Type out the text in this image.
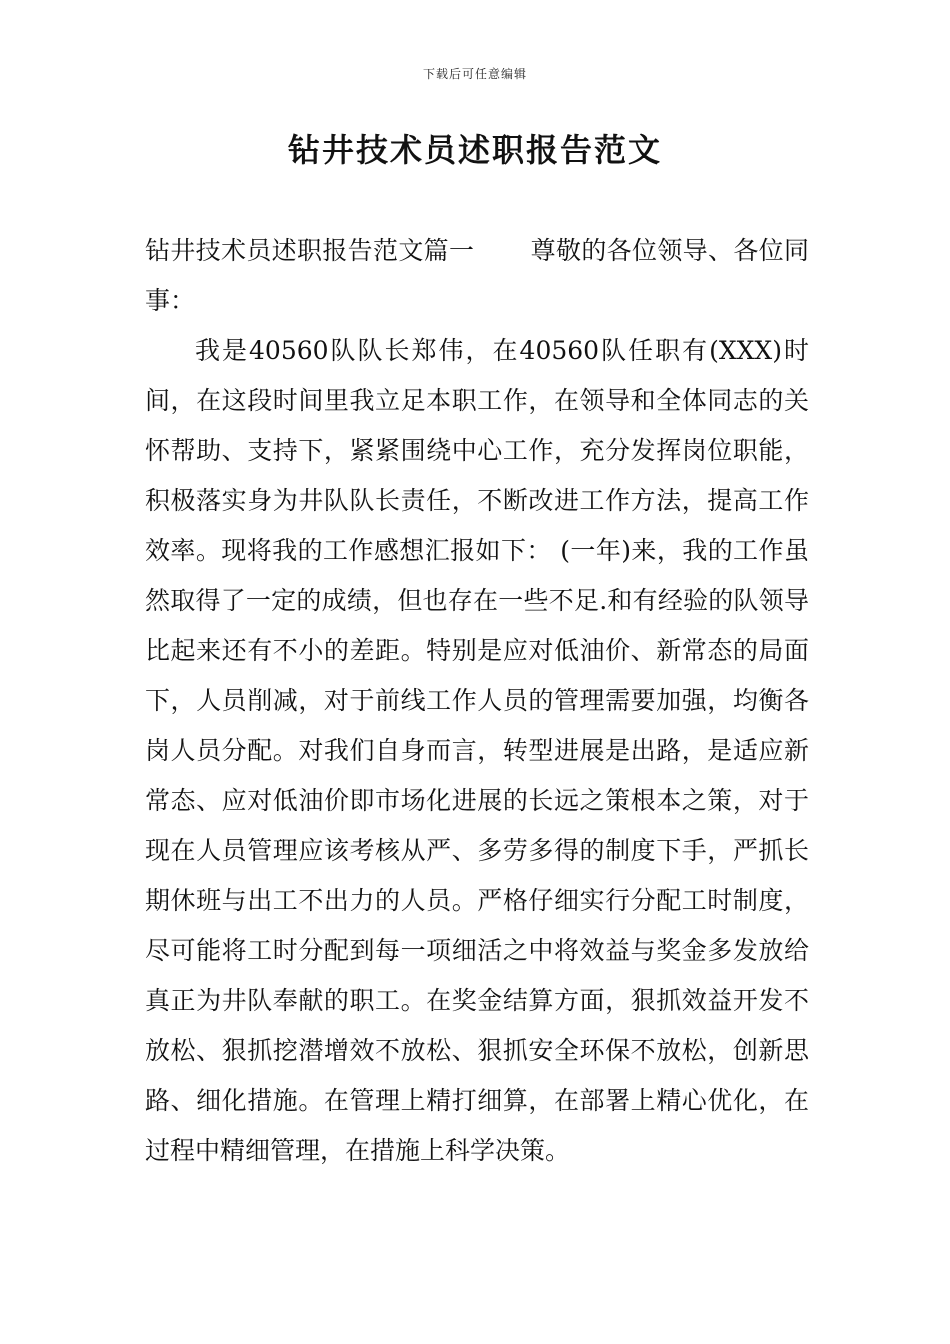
下载后可任意编辑
钻井技术员述职报告范文

钻井技术员述职报告范文篇一 尊敬的各位领导、各位同事：

我是40560队队长郑伟，在40560队任职有(XXX)时间，在这段时间里我立足本职工作，在领导和全体同志的关怀帮助、支持下，紧紧围绕中心工作，充分发挥岗位职能，积极落实身为井队队长责任，不断改进工作方法，提高工作效率。现将我的工作感想汇报如下： (一年)来，我的工作虽然取得了一定的成绩，但也存在一些不足.和有经验的队领导比起来还有不小的差距。特别是应对低油价、新常态的局面下，人员削减，对于前线工作人员的管理需要加强，均衡各岗人员分配。对我们自身而言，转型进展是出路，是适应新常态、应对低油价即市场化进展的长远之策根本之策，对于现在人员管理应该考核从严、多劳多得的制度下手，严抓长期休班与出工不出力的人员。严格仔细实行分配工时制度，尽可能将工时分配到每一项细活之中将效益与奖金多发放给真正为井队奉献的职工。在奖金结算方面，狠抓效益开发不放松、狠抓挖潜增效不放松、狠抓安全环保不放松，创新思路、细化措施。在管理上精打细算，在部署上精心优化，在过程中精细管理，在措施上科学决策。
